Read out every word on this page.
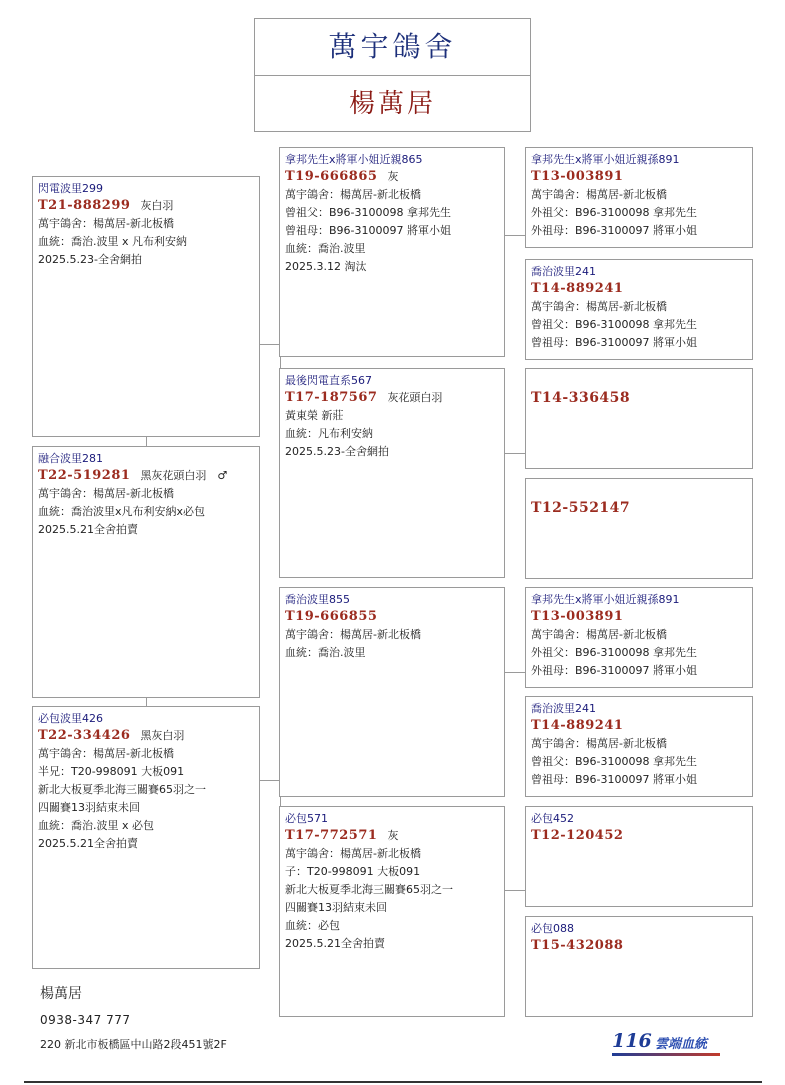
萬宇鴿舍
楊萬居
閃電波里299
T21-888299 灰白羽
萬宇鴿舍：楊萬居-新北板橋
血統：喬治.波里 x 凡布利安納
2025.5.23-全舍網拍
融合波里281
T22-519281 黑灰花頭白羽　♂
萬宇鴿舍：楊萬居-新北板橋
血統：喬治波里x凡布利安納x必包
2025.5.21全舍拍賣
必包波里426
T22-334426 黑灰白羽
萬宇鴿舍：楊萬居-新北板橋
半兄：T20-998091 大板091
新北大板夏季北海三關賽65羽之一
四關賽13羽結束未回
血統：喬治.波里 x 必包
2025.5.21全舍拍賣
拿邦先生x將軍小姐近親865
T19-666865 灰
萬宇鴿舍：楊萬居-新北板橋
曾祖父：B96-3100098 拿邦先生
曾祖母：B96-3100097 將軍小姐
血統：喬治.波里
2025.3.12 淘汰
最後閃電直系567
T17-187567 灰花頭白羽
黃東榮 新莊
血統：凡布利安納
2025.5.23-全舍網拍
喬治波里855
T19-666855
萬宇鴿舍：楊萬居-新北板橋
血統：喬治.波里
必包571
T17-772571 灰
萬宇鴿舍：楊萬居-新北板橋
子：T20-998091 大板091
新北大板夏季北海三關賽65羽之一
四關賽13羽結束未回
血統：必包
2025.5.21全舍拍賣
拿邦先生x將軍小姐近親孫891
T13-003891
萬宇鴿舍：楊萬居-新北板橋
外祖父：B96-3100098 拿邦先生
外祖母：B96-3100097 將軍小姐
喬治波里241
T14-889241
萬宇鴿舍：楊萬居-新北板橋
曾祖父：B96-3100098 拿邦先生
曾祖母：B96-3100097 將軍小姐
T14-336458
T12-552147
拿邦先生x將軍小姐近親孫891
T13-003891
萬宇鴿舍：楊萬居-新北板橋
外祖父：B96-3100098 拿邦先生
外祖母：B96-3100097 將軍小姐
喬治波里241
T14-889241
萬宇鴿舍：楊萬居-新北板橋
曾祖父：B96-3100098 拿邦先生
曾祖母：B96-3100097 將軍小姐
必包452
T12-120452
必包088
T15-432088
楊萬居
0938-347 777
220 新北市板橋區中山路2段451號2F	116 雲端血統
